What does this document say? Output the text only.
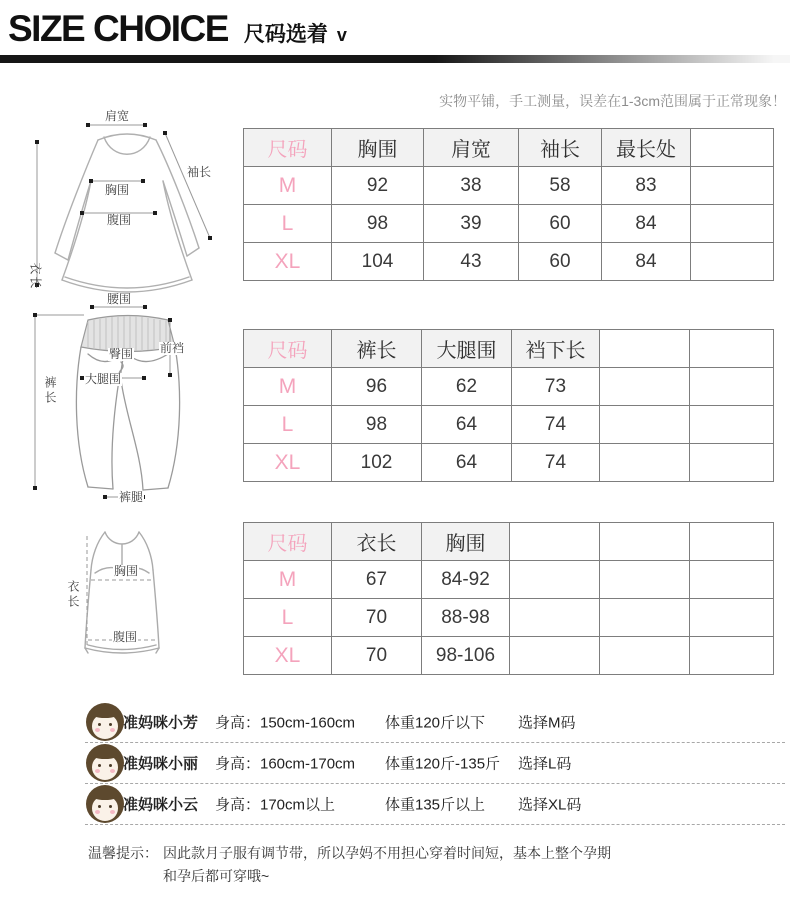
SIZE CHOICE 尺码选着 v
实物平铺，手工测量，误差在1-3cm范围属于正常现象！
肩宽
袖长
胸围
腹围
衣长
腰围
前裆
臀围
大腿围
裤长
裤腿
胸围
腹围
衣长
尺码	胸围	肩宽	袖长	最长处	
M	92	38	58	83	
L	98	39	60	84	
XL	104	43	60	84	
尺码	裤长	大腿围	裆下长		
M	96	62	73		
L	98	64	74		
XL	102	64	74		
尺码	衣长	胸围			
M	67	84-92			
L	70	88-98			
XL	70	98-106			
准妈咪小芳 身高：150cm-160cm 体重120斤以下 选择M码
准妈咪小丽 身高：160cm-170cm 体重120斤-135斤 选择L码
准妈咪小云 身高：170cm以上	体重135斤以上 选择XL码
温馨提示： 因此款月子服有调节带，所以孕妈不用担心穿着时间短，基本上整个孕期
和孕后都可穿哦~
